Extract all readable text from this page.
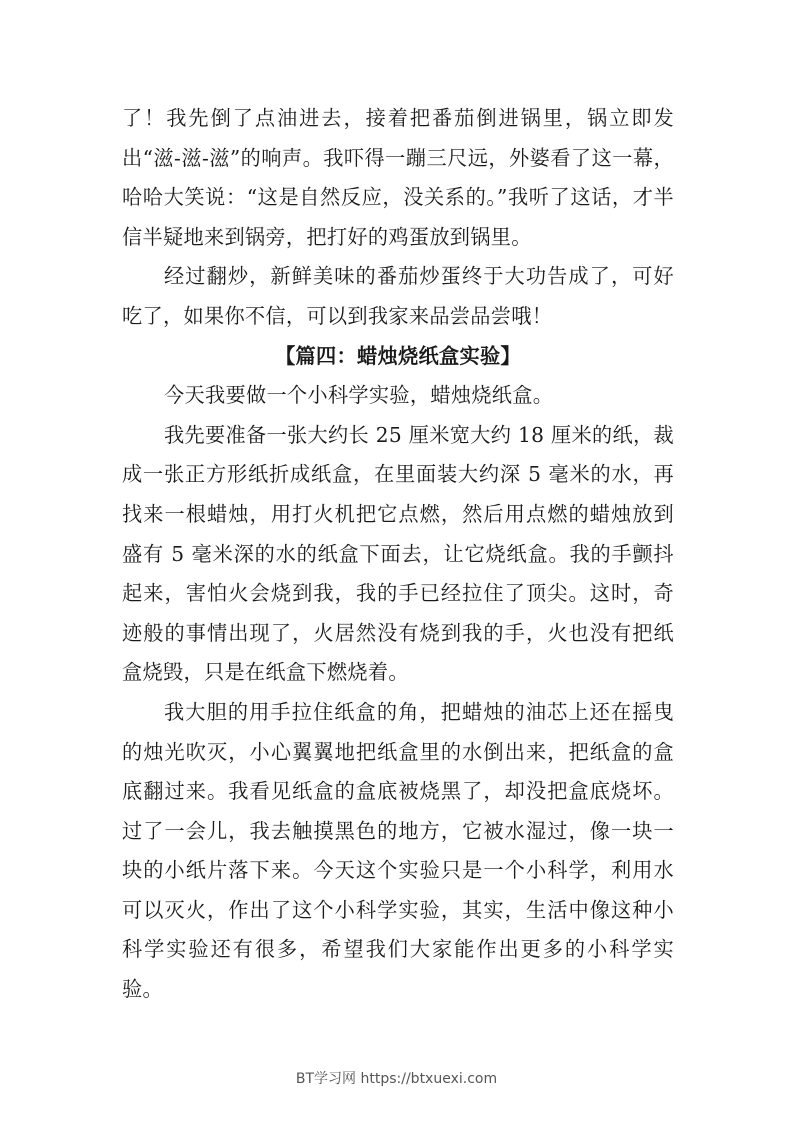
了！我先倒了点油进去，接着把番茄倒进锅里，锅立即发出“滋-滋-滋”的响声。我吓得一蹦三尺远，外婆看了这一幕，哈哈大笑说：“这是自然反应，没关系的。”我听了这话，才半信半疑地来到锅旁，把打好的鸡蛋放到锅里。

经过翻炒，新鲜美味的番茄炒蛋终于大功告成了，可好吃了，如果你不信，可以到我家来品尝品尝哦！

【篇四：蜡烛烧纸盒实验】

今天我要做一个小科学实验，蜡烛烧纸盒。

我先要准备一张大约长 25 厘米宽大约 18 厘米的纸，裁成一张正方形纸折成纸盒，在里面装大约深 5 毫米的水，再找来一根蜡烛，用打火机把它点燃，然后用点燃的蜡烛放到盛有 5 毫米深的水的纸盒下面去，让它烧纸盒。我的手颤抖起来，害怕火会烧到我，我的手已经拉住了顶尖。这时，奇迹般的事情出现了，火居然没有烧到我的手，火也没有把纸盒烧毁，只是在纸盒下燃烧着。

我大胆的用手拉住纸盒的角，把蜡烛的油芯上还在摇曳的烛光吹灭，小心翼翼地把纸盒里的水倒出来，把纸盒的盒底翻过来。我看见纸盒的盒底被烧黑了，却没把盒底烧坏。过了一会儿，我去触摸黑色的地方，它被水湿过，像一块一块的小纸片落下来。今天这个实验只是一个小科学，利用水可以灭火，作出了这个小科学实验，其实，生活中像这种小科学实验还有很多，希望我们大家能作出更多的小科学实验。

BT学习网 https://btxuexi.com
